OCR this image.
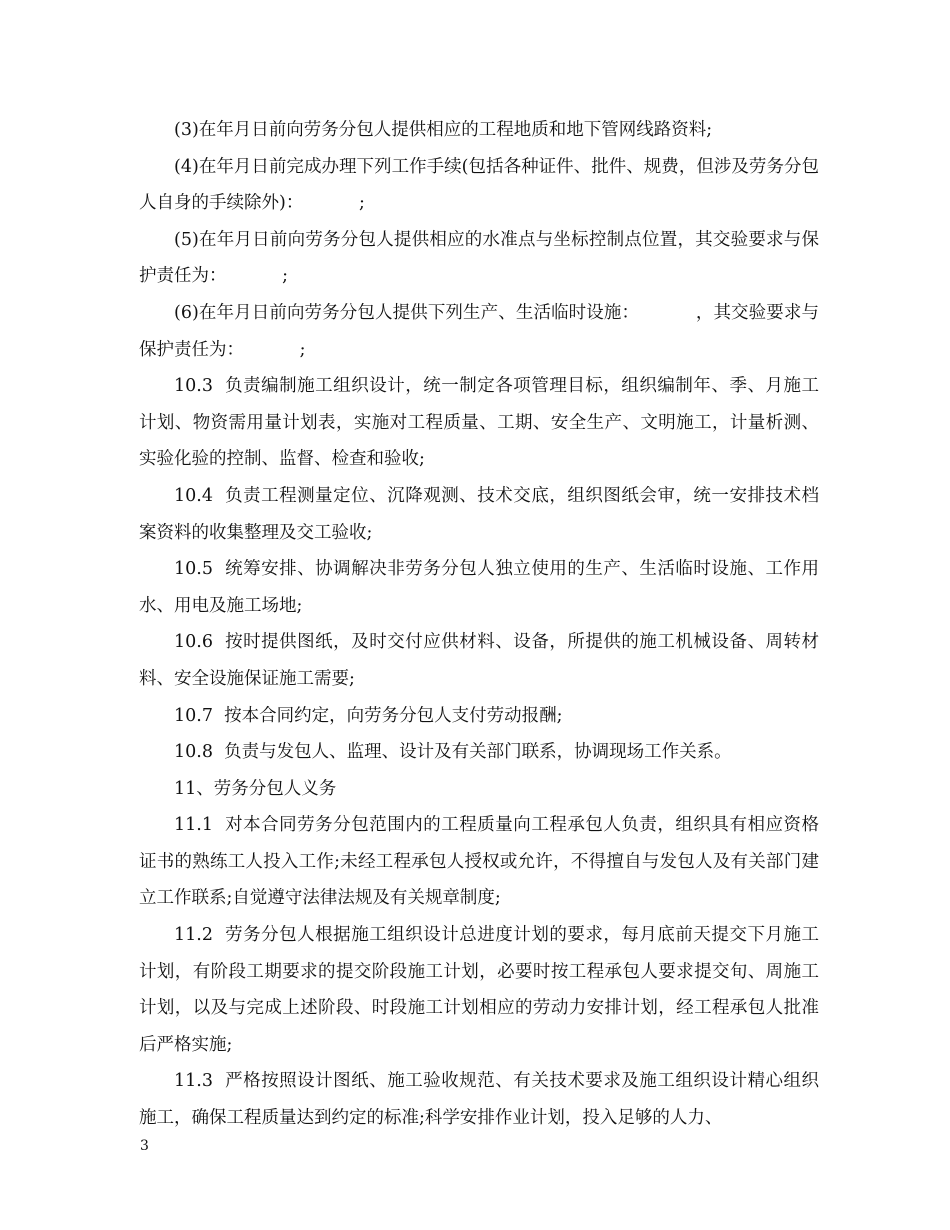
(3)在年月日前向劳务分包人提供相应的工程地质和地下管网线路资料;

(4)在年月日前完成办理下列工作手续(包括各种证件、批件、规费，但涉及劳务分包人自身的手续除外)：          ;

(5)在年月日前向劳务分包人提供相应的水准点与坐标控制点位置，其交验要求与保护责任为：          ;

(6)在年月日前向劳务分包人提供下列生产、生活临时设施：          ，其交验要求与保护责任为：          ;

10.3  负责编制施工组织设计，统一制定各项管理目标，组织编制年、季、月施工计划、物资需用量计划表，实施对工程质量、工期、安全生产、文明施工，计量析测、实验化验的控制、监督、检查和验收;

10.4  负责工程测量定位、沉降观测、技术交底，组织图纸会审，统一安排技术档案资料的收集整理及交工验收;

10.5  统筹安排、协调解决非劳务分包人独立使用的生产、生活临时设施、工作用水、用电及施工场地;

10.6  按时提供图纸，及时交付应供材料、设备，所提供的施工机械设备、周转材料、安全设施保证施工需要;

10.7  按本合同约定，向劳务分包人支付劳动报酬;

10.8  负责与发包人、监理、设计及有关部门联系，协调现场工作关系。

11、劳务分包人义务

11.1  对本合同劳务分包范围内的工程质量向工程承包人负责，组织具有相应资格证书的熟练工人投入工作;未经工程承包人授权或允许，不得擅自与发包人及有关部门建立工作联系;自觉遵守法律法规及有关规章制度;

11.2  劳务分包人根据施工组织设计总进度计划的要求，每月底前天提交下月施工计划，有阶段工期要求的提交阶段施工计划，必要时按工程承包人要求提交旬、周施工计划，以及与完成上述阶段、时段施工计划相应的劳动力安排计划，经工程承包人批准后严格实施;

11.3  严格按照设计图纸、施工验收规范、有关技术要求及施工组织设计精心组织施工，确保工程质量达到约定的标准;科学安排作业计划，投入足够的人力、

3
